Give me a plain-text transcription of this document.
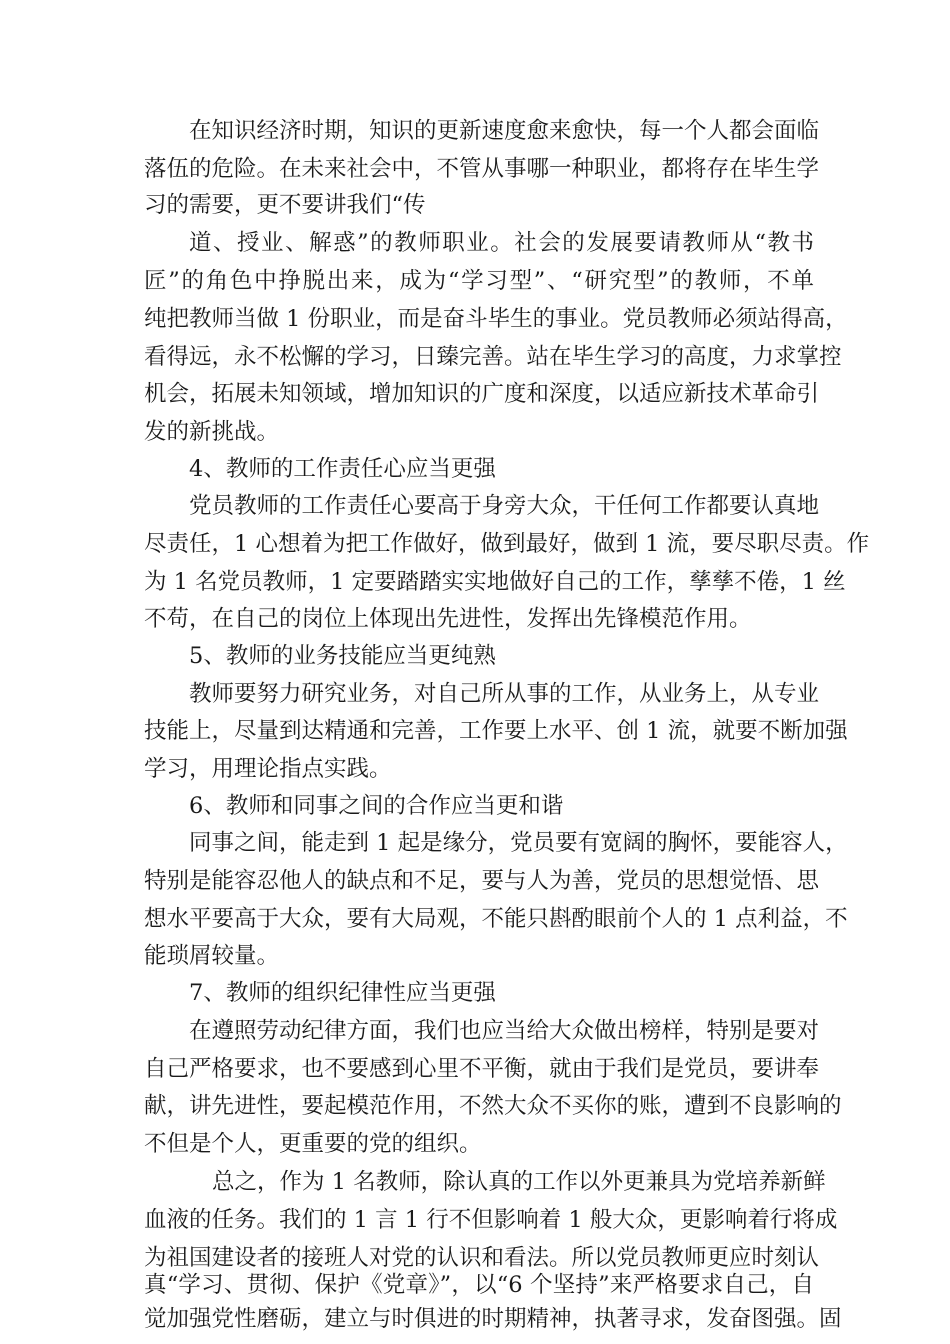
在知识经济时期，知识的更新速度愈来愈快，每一个人都会面临
落伍的危险。在未来社会中，不管从事哪一种职业，都将存在毕生学
习的需要，更不要讲我们“传
道、授业、解惑”的教师职业。社会的发展要请教师从“教书
匠”的角色中挣脱出来，成为“学习型”、“研究型”的教师，不单
纯把教师当做 1 份职业，而是奋斗毕生的事业。党员教师必须站得高，
看得远，永不松懈的学习，日臻完善。站在毕生学习的高度，力求掌控
机会，拓展未知领域，增加知识的广度和深度，以适应新技术革命引
发的新挑战。
4、教师的工作责任心应当更强
党员教师的工作责任心要高于身旁大众，干任何工作都要认真地
尽责任，1 心想着为把工作做好，做到最好，做到 1 流，要尽职尽责。作
为 1 名党员教师，1 定要踏踏实实地做好自己的工作，孳孳不倦，1 丝
不苟，在自己的岗位上体现出先进性，发挥出先锋模范作用。
5、教师的业务技能应当更纯熟
教师要努力研究业务，对自己所从事的工作，从业务上，从专业
技能上，尽量到达精通和完善，工作要上水平、创 1 流，就要不断加强
学习，用理论指点实践。
6、教师和同事之间的合作应当更和谐
同事之间，能走到 1 起是缘分，党员要有宽阔的胸怀，要能容人，
特别是能容忍他人的缺点和不足，要与人为善，党员的思想觉悟、思
想水平要高于大众，要有大局观，不能只斟酌眼前个人的 1 点利益，不
能琐屑较量。
7、教师的组织纪律性应当更强
在遵照劳动纪律方面，我们也应当给大众做出榜样，特别是要对
自己严格要求，也不要感到心里不平衡，就由于我们是党员，要讲奉
献，讲先进性，要起模范作用，不然大众不买你的账，遭到不良影响的
不但是个人，更重要的党的组织。
总之，作为 1 名教师，除认真的工作以外更兼具为党培养新鲜
血液的任务。我们的 1 言 1 行不但影响着 1 般大众，更影响着行将成
为祖国建设者的接班人对党的认识和看法。所以党员教师更应时刻认
真“学习、贯彻、保护《党章》”，以“6 个坚持”来严格要求自己，自
觉加强党性磨砺，建立与时俱进的时期精神，执著寻求，发奋图强。固
